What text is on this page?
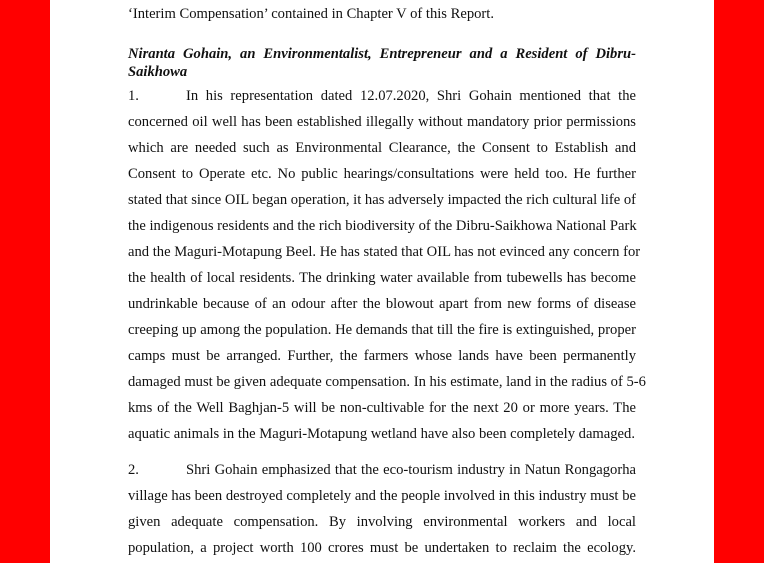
‘Interim Compensation’ contained in Chapter V of this Report.
Niranta Gohain, an Environmentalist, Entrepreneur and a Resident of Dibru-
Saikhowa
1.	In his representation dated 12.07.2020, Shri Gohain mentioned that the
concerned oil well has been established illegally without mandatory prior permissions
which are needed such as Environmental Clearance, the Consent to Establish and
Consent to Operate etc. No public hearings/consultations were held too. He further
stated that since OIL began operation, it has adversely impacted the rich cultural life of
the indigenous residents and the rich biodiversity of the Dibru-Saikhowa National Park
and the Maguri-Motapung Beel. He has stated that OIL has not evinced any concern for
the health of local residents. The drinking water available from tubewells has become
undrinkable because of an odour after the blowout apart from new forms of disease
creeping up among the population. He demands that till the fire is extinguished, proper
camps must be arranged. Further, the farmers whose lands have been permanently
damaged must be given adequate compensation. In his estimate, land in the radius of 5-6
kms of the Well Baghjan-5 will be non-cultivable for the next 20 or more years. The
aquatic animals in the Maguri-Motapung wetland have also been completely damaged.
2.	Shri Gohain emphasized that the eco-tourism industry in Natun Rongagorha
village has been destroyed completely and the people involved in this industry must be
given adequate compensation. By involving environmental workers and local
population, a project worth 100 crores must be undertaken to reclaim the ecology.
